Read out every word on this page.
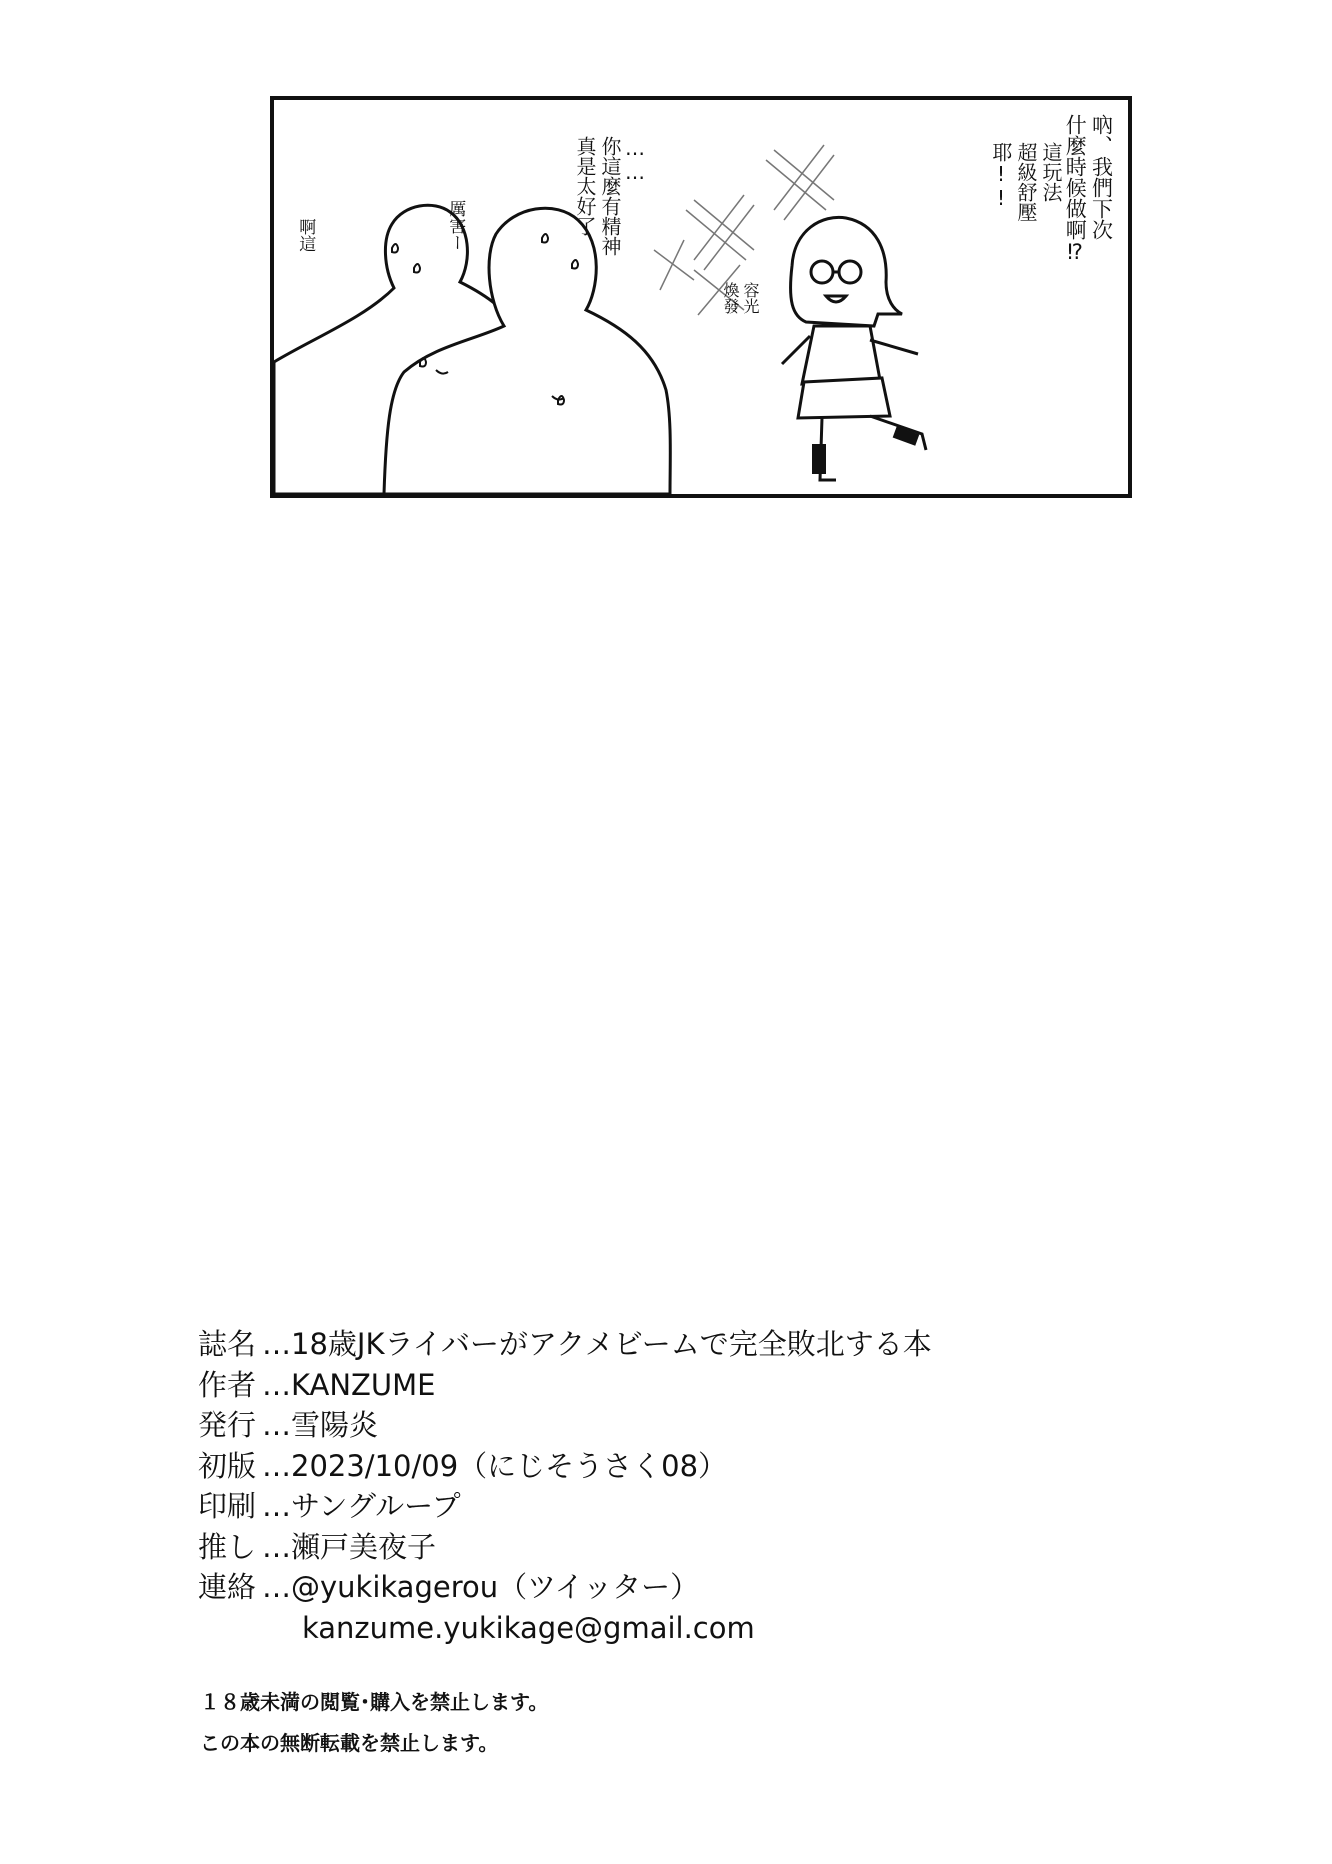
吶、我們下次
什麼時候做啊⁉
這玩法
超級舒壓
耶!!
容光
煥發
……
你這麼有精神
真是太好了
厲害ー
啊這
誌名 … 18歳JKライバーがアクメビームで完全敗北する本
作者 … KANZUME
発行 … 雪陽炎
初版 … 2023/10/09（にじそうさく08）
印刷 … サングループ
推し … 瀬戸美夜子
連絡 … @yukikagerou（ツイッター）
kanzume.yukikage@gmail.com
１８歳未満の閲覧･購入を禁止します。
この本の無断転載を禁止します。
